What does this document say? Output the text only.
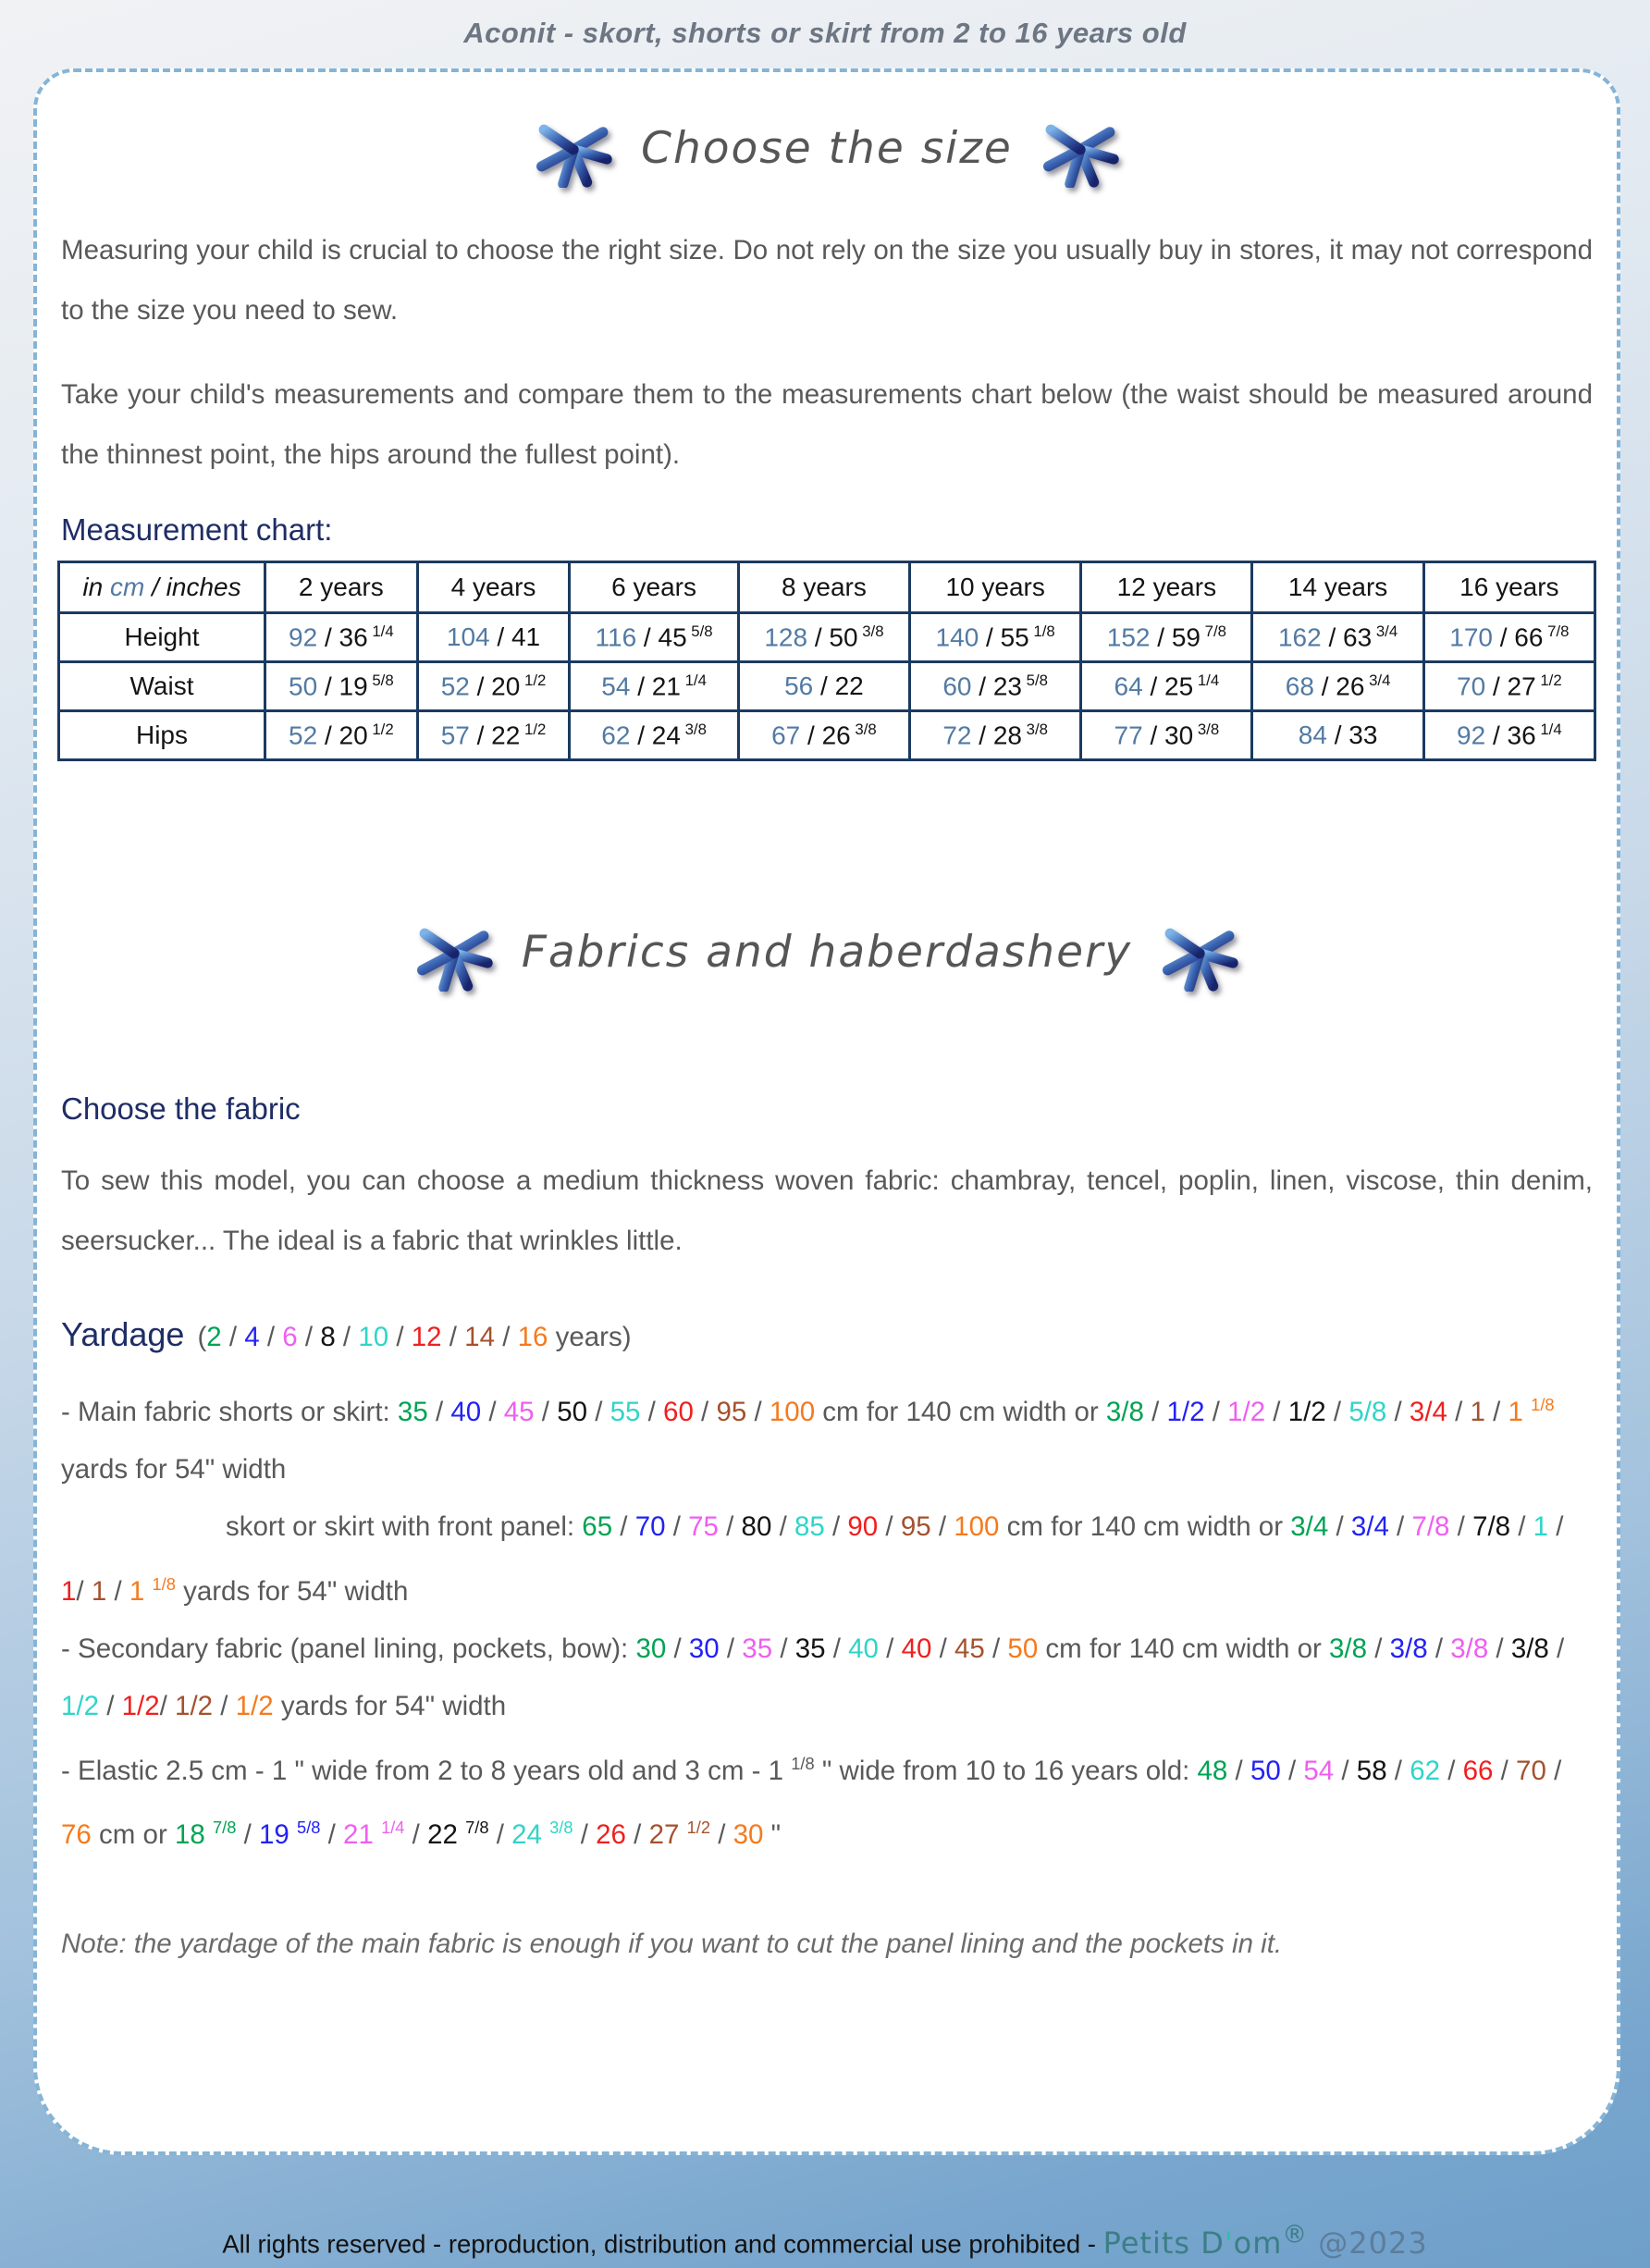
Aconit - skort, shorts or skirt from 2 to 16 years old
Choose the size

Measuring your child is crucial to choose the right size. Do not rely on the size you usually buy in stores, it may not correspond to the size you need to sew.

Take your child's measurements and compare them to the measurements chart below (the waist should be measured around the thinnest point, the hips around the fullest point).

Measurement chart:
in cm / inches	2 years	4 years	6 years	8 years	10 years	12 years	14 years	16 years
Height	92 / 36 $^{1/4}$	104 / 41	116 / 45 $^{5/8}$	128 / 50 $^{3/8}$	140 / 55 $^{1/8}$	152 / 59 $^{7/8}$	162 / 63 $^{3/4}$	170 / 66 $^{7/8}$
Waist	50 / 19 $^{5/8}$	52 / 20 $^{1/2}$	54 / 21 $^{1/4}$	56 / 22	60 / 23 $^{5/8}$	64 / 25 $^{1/4}$	68 / 26 $^{3/4}$	70 / 27 $^{1/2}$
Hips	52 / 20 $^{1/2}$	57 / 22 $^{1/2}$	62 / 24 $^{3/8}$	67 / 26 $^{3/8}$	72 / 28 $^{3/8}$	77 / 30 $^{3/8}$	84 / 33	92 / 36 $^{1/4}$
Fabrics and haberdashery
Choose the fabric

To sew this model, you can choose a medium thickness woven fabric: chambray, tencel, poplin, linen, viscose, thin denim, seersucker... The ideal is a fabric that wrinkles little.

Yardage (2 / 4 / 6 / 8 / 10 / 12 / 14 / 16 years)

- Main fabric shorts or skirt: 35 / 40 / 45 / 50 / 55 / 60 / 95 / 100 cm for 140 cm width or 3/8 / 1/2 / 1/2 / 1/2 / 5/8 / 3/4 / 1 / 1 $^{1/8}$ yards for 54" width

skort or skirt with front panel: 65 / 70 / 75 / 80 / 85 / 90 / 95 / 100 cm for 140 cm width or 3/4 / 3/4 / 7/8 / 7/8 / 1 / 1/ 1 / 1 $^{1/8}$ yards for 54" width

- Secondary fabric (panel lining, pockets, bow): 30 / 30 / 35 / 35 / 40 / 40 / 45 / 50 cm for 140 cm width or 3/8 / 3/8 / 3/8 / 3/8 / 1/2 / 1/2/ 1/2 / 1/2 yards for 54" width

- Elastic 2.5 cm - 1 " wide from 2 to 8 years old and 3 cm - 1 $^{1/8}$ " wide from 10 to 16 years old: 48 / 50 / 54 / 58 / 62 / 66 / 70 / 76 cm or 18 $^{7/8}$ / 19 $^{5/8}$ / 21 $^{1/4}$ / 22 $^{7/8}$ / 24 $^{3/8}$ / 26 / 27 $^{1/2}$ / 30 "

Note: the yardage of the main fabric is enough if you want to cut the panel lining and the pockets in it.
All rights reserved - reproduction, distribution and commercial use prohibited - Petits D'om® @2023
